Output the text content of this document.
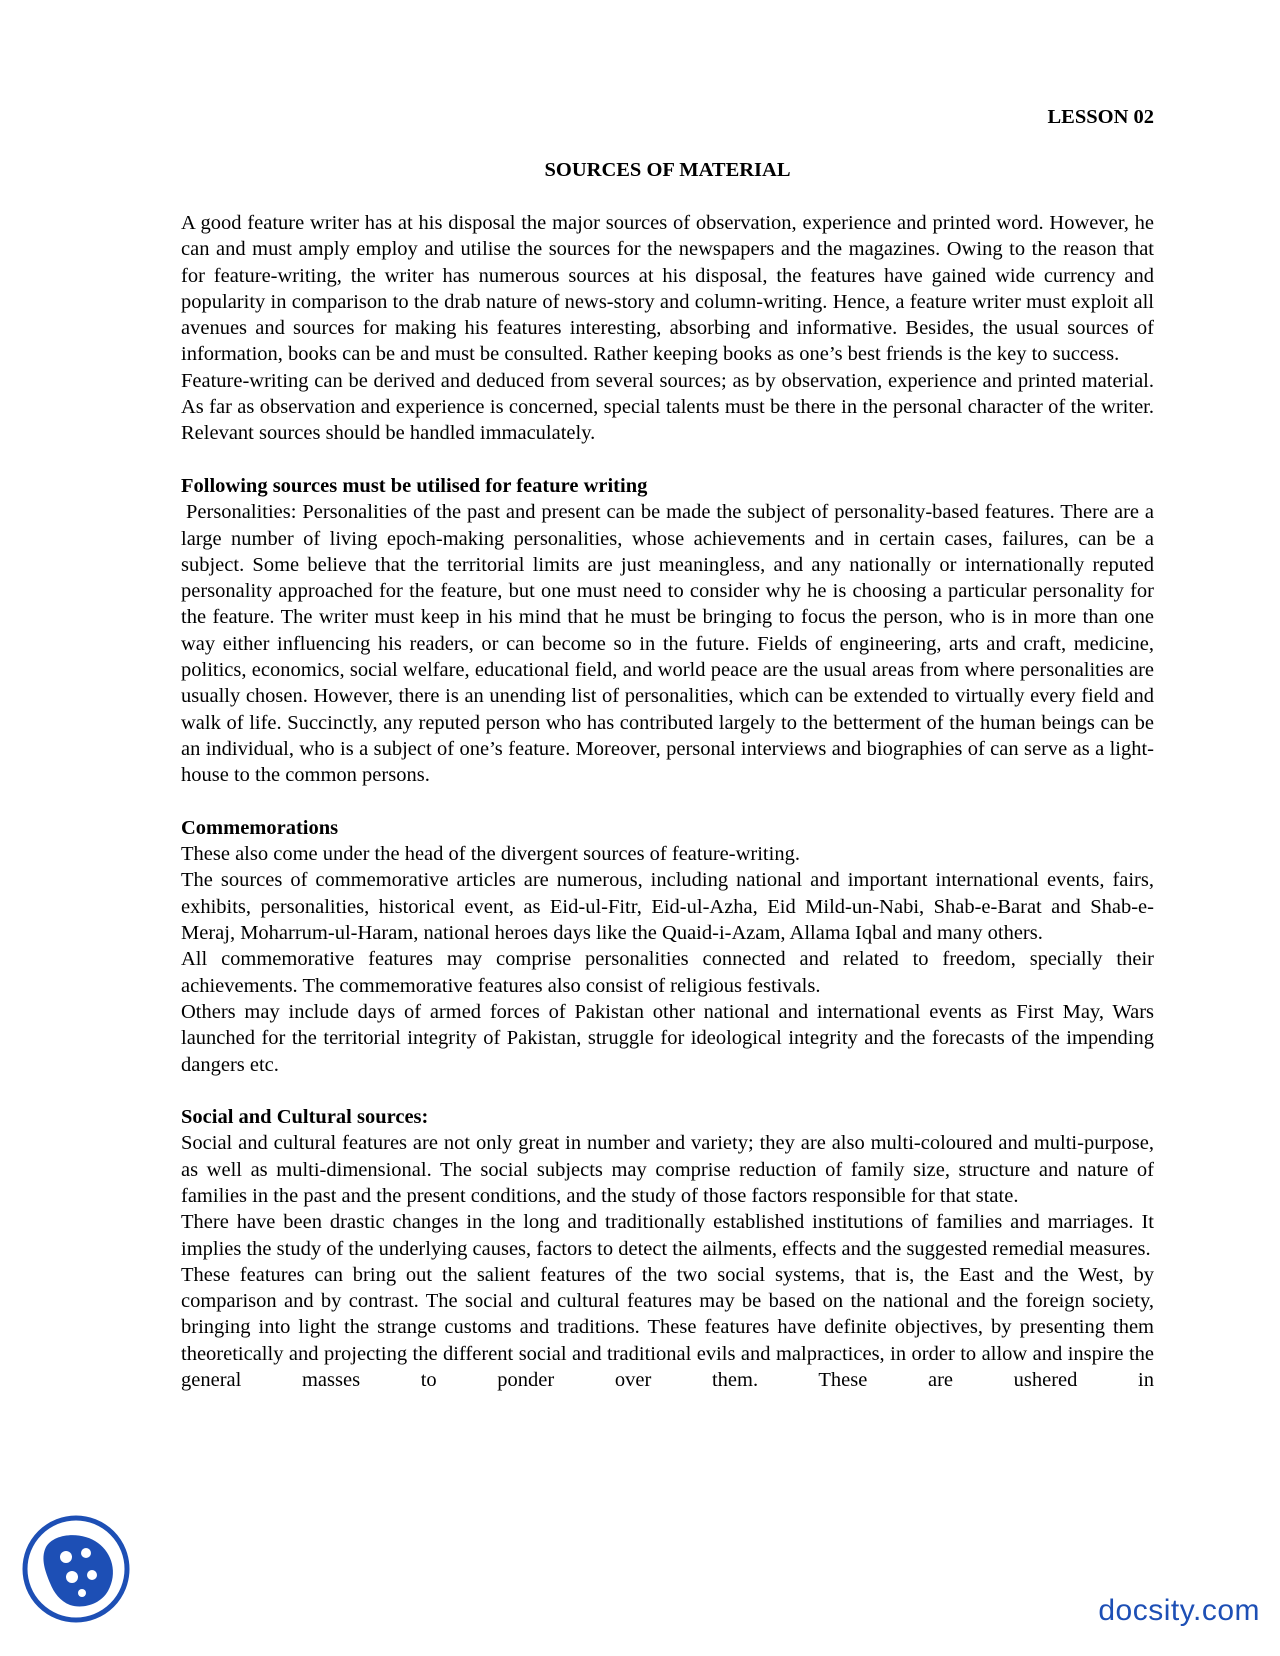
LESSON 02
SOURCES OF MATERIAL

A good feature writer has at his disposal the major sources of observation, experience and printed word. However, he can and must amply employ and utilise the sources for the newspapers and the magazines. Owing to the reason that for feature-writing, the writer has numerous sources at his disposal, the features have gained wide currency and popularity in comparison to the drab nature of news-story and column-writing. Hence, a feature writer must exploit all avenues and sources for making his features interesting, absorbing and informative. Besides, the usual sources of information, books can be and must be consulted. Rather keeping books as one’s best friends is the key to success.

Feature-writing can be derived and deduced from several sources; as by observation, experience and printed material. As far as observation and experience is concerned, special talents must be there in the personal character of the writer. Relevant sources should be handled immaculately.

Following sources must be utilised for feature writing

Personalities: Personalities of the past and present can be made the subject of personality-based features. There are a large number of living epoch-making personalities, whose achievements and in certain cases, failures, can be a subject. Some believe that the territorial limits are just meaningless, and any nationally or internationally reputed personality approached for the feature, but one must need to consider why he is choosing a particular personality for the feature. The writer must keep in his mind that he must be bringing to focus the person, who is in more than one way either influencing his readers, or can become so in the future. Fields of engineering, arts and craft, medicine, politics, economics, social welfare, educational field, and world peace are the usual areas from where personalities are usually chosen. However, there is an unending list of personalities, which can be extended to virtually every field and walk of life. Succinctly, any reputed person who has contributed largely to the betterment of the human beings can be an individual, who is a subject of one’s feature. Moreover, personal interviews and biographies of can serve as a light-house to the common persons.

Commemorations

These also come under the head of the divergent sources of feature-writing.

The sources of commemorative articles are numerous, including national and important international events, fairs, exhibits, personalities, historical event, as Eid-ul-Fitr, Eid-ul-Azha, Eid Mild-un-Nabi, Shab-e-Barat and Shab-e-Meraj, Moharrum-ul-Haram, national heroes days like the Quaid-i-Azam, Allama Iqbal and many others.

All commemorative features may comprise personalities connected and related to freedom, specially their achievements. The commemorative features also consist of religious festivals.

Others may include days of armed forces of Pakistan other national and international events as First May, Wars launched for the territorial integrity of Pakistan, struggle for ideological integrity and the forecasts of the impending dangers etc.

Social and Cultural sources:

Social and cultural features are not only great in number and variety; they are also multi-coloured and multi-purpose, as well as multi-dimensional. The social subjects may comprise reduction of family size, structure and nature of families in the past and the present conditions, and the study of those factors responsible for that state.

There have been drastic changes in the long and traditionally established institutions of families and marriages. It implies the study of the underlying causes, factors to detect the ailments, effects and the suggested remedial measures.

These features can bring out the salient features of the two social systems, that is, the East and the West, by comparison and by contrast. The social and cultural features may be based on the national and the foreign society, bringing into light the strange customs and traditions. These features have definite objectives, by presenting them theoretically and projecting the different social and traditional evils and malpractices, in order to allow and inspire the general masses to ponder over them. These are ushered in

docsity.com
